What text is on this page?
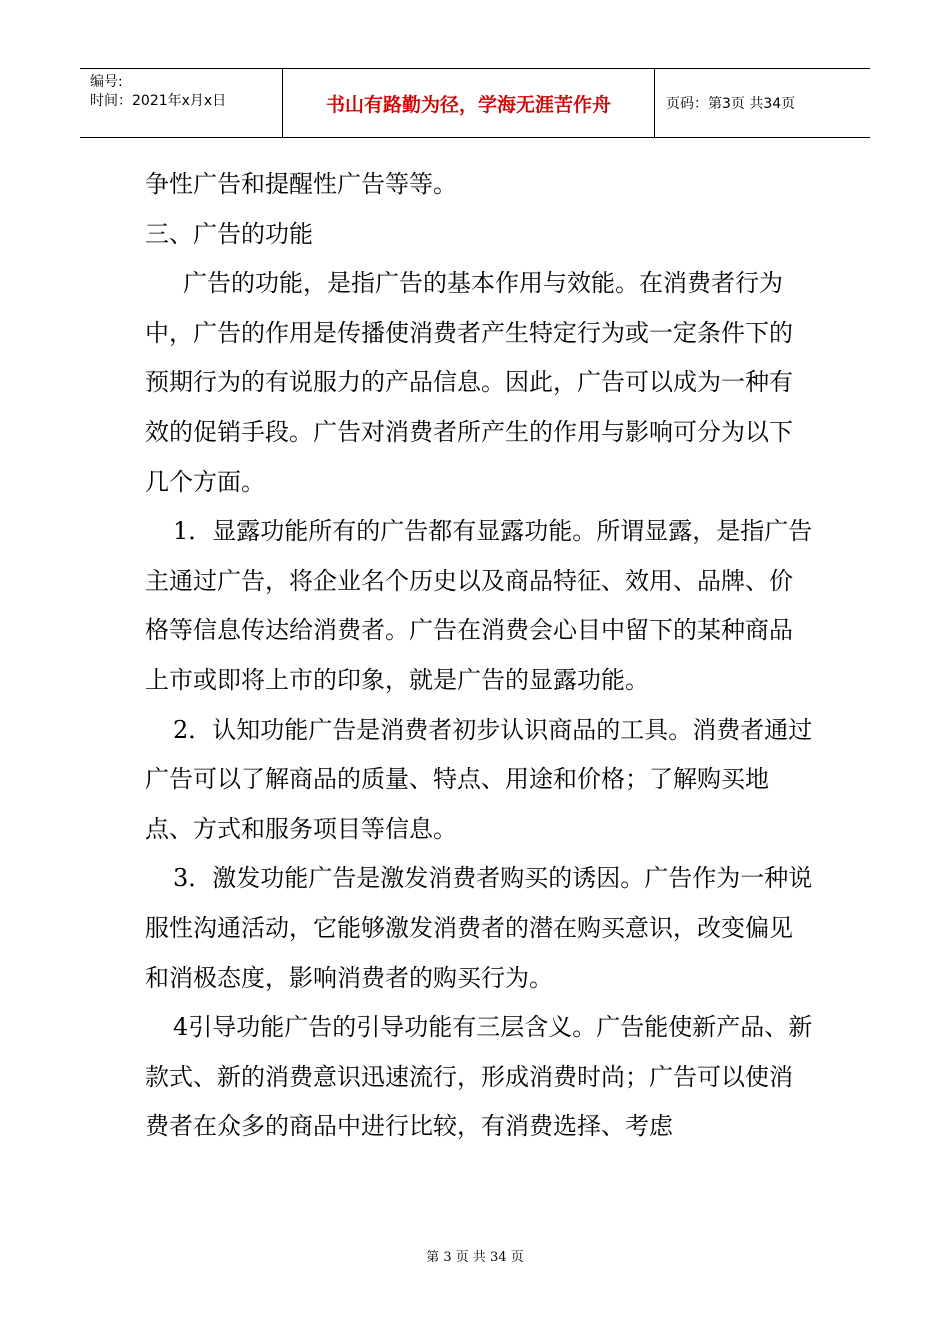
编号:
时间：2021年x月x日	书山有路勤为径，学海无涯苦作舟	页码：第3页 共34页

争性广告和提醒性广告等等。

三、广告的功能

广告的功能，是指广告的基本作用与效能。在消费者行为中，广告的作用是传播使消费者产生特定行为或一定条件下的预期行为的有说服力的产品信息。因此，广告可以成为一种有效的促销手段。广告对消费者所产生的作用与影响可分为以下几个方面。

1．显露功能所有的广告都有显露功能。所谓显露，是指广告主通过广告，将企业名个历史以及商品特征、效用、品牌、价格等信息传达给消费者。广告在消费会心目中留下的某种商品上市或即将上市的印象，就是广告的显露功能。

2．认知功能广告是消费者初步认识商品的工具。消费者通过广告可以了解商品的质量、特点、用途和价格；了解购买地点、方式和服务项目等信息。

3．激发功能广告是激发消费者购买的诱因。广告作为一种说服性沟通活动，它能够激发消费者的潜在购买意识，改变偏见和消极态度，影响消费者的购买行为。

4引导功能广告的引导功能有三层含义。广告能使新产品、新款式、新的消费意识迅速流行，形成消费时尚；广告可以使消费者在众多的商品中进行比较，有消费选择、考虑

第 3 页 共 34 页
